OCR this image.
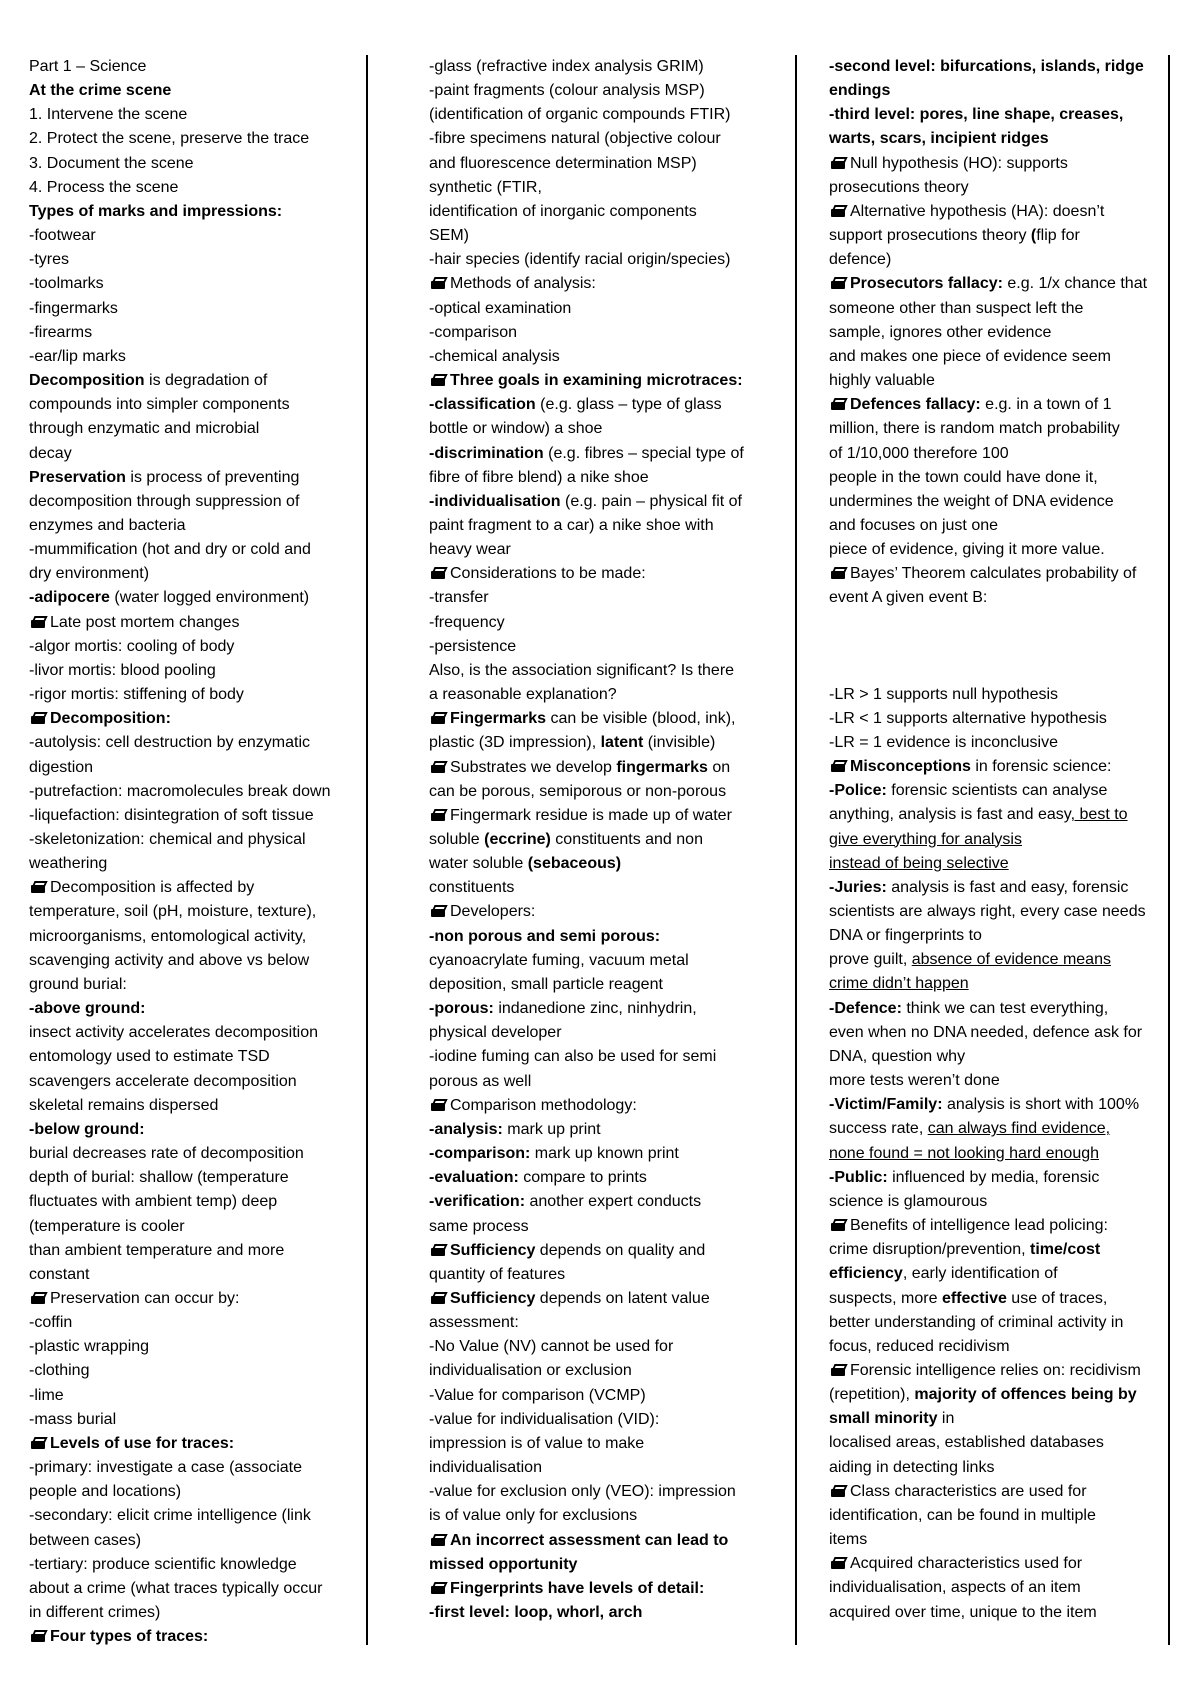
Part 1 – Science
At the crime scene
1. Intervene the scene
2. Protect the scene, preserve the trace
3. Document the scene
4. Process the scene
Types of marks and impressions:
-footwear
-tyres
-toolmarks
-fingermarks
-firearms
-ear/lip marks
Decomposition is degradation of
compounds into simpler components
through enzymatic and microbial
decay
Preservation is process of preventing
decomposition through suppression of
enzymes and bacteria
-mummification (hot and dry or cold and
dry environment)
-adipocere (water logged environment)
Late post mortem changes
-algor mortis: cooling of body
-livor mortis: blood pooling
-rigor mortis: stiffening of body
Decomposition:
-autolysis: cell destruction by enzymatic
digestion
-putrefaction: macromolecules break down
-liquefaction: disintegration of soft tissue
-skeletonization: chemical and physical
weathering
Decomposition is affected by
temperature, soil (pH, moisture, texture),
microorganisms, entomological activity,
scavenging activity and above vs below
ground burial:
-above ground:
insect activity accelerates decomposition
entomology used to estimate TSD
scavengers accelerate decomposition
skeletal remains dispersed
-below ground:
burial decreases rate of decomposition
depth of burial: shallow (temperature
fluctuates with ambient temp) deep
(temperature is cooler
than ambient temperature and more
constant
Preservation can occur by:
-coffin
-plastic wrapping
-clothing
-lime
-mass burial
Levels of use for traces:
-primary: investigate a case (associate
people and locations)
-secondary: elicit crime intelligence (link
between cases)
-tertiary: produce scientific knowledge
about a crime (what traces typically occur
in different crimes)
Four types of traces:
-glass (refractive index analysis GRIM)
-paint fragments (colour analysis MSP)
(identification of organic compounds FTIR)
-fibre specimens natural (objective colour
and fluorescence determination MSP)
synthetic (FTIR,
identification of inorganic components
SEM)
-hair species (identify racial origin/species)
Methods of analysis:
-optical examination
-comparison
-chemical analysis
Three goals in examining microtraces:
-classification (e.g. glass – type of glass
bottle or window) a shoe
-discrimination (e.g. fibres – special type of
fibre of fibre blend) a nike shoe
-individualisation (e.g. pain – physical fit of
paint fragment to a car) a nike shoe with
heavy wear
Considerations to be made:
-transfer
-frequency
-persistence
Also, is the association significant? Is there
a reasonable explanation?
Fingermarks can be visible (blood, ink),
plastic (3D impression), latent (invisible)
Substrates we develop fingermarks on
can be porous, semiporous or non-porous
Fingermark residue is made up of water
soluble (eccrine) constituents and non
water soluble (sebaceous)
constituents
Developers:
-non porous and semi porous:
cyanoacrylate fuming, vacuum metal
deposition, small particle reagent
-porous: indanedione zinc, ninhydrin,
physical developer
-iodine fuming can also be used for semi
porous as well
Comparison methodology:
-analysis: mark up print
-comparison: mark up known print
-evaluation: compare to prints
-verification: another expert conducts
same process
Sufficiency depends on quality and
quantity of features
Sufficiency depends on latent value
assessment:
-No Value (NV) cannot be used for
individualisation or exclusion
-Value for comparison (VCMP)
-value for individualisation (VID):
impression is of value to make
individualisation
-value for exclusion only (VEO): impression
is of value only for exclusions
An incorrect assessment can lead to
missed opportunity
Fingerprints have levels of detail:
-first level: loop, whorl, arch
-second level: bifurcations, islands, ridge
endings
-third level: pores, line shape, creases,
warts, scars, incipient ridges
Null hypothesis (HO): supports
prosecutions theory
Alternative hypothesis (HA): doesn’t
support prosecutions theory (flip for
defence)
Prosecutors fallacy: e.g. 1/x chance that
someone other than suspect left the
sample, ignores other evidence
and makes one piece of evidence seem
highly valuable
Defences fallacy: e.g. in a town of 1
million, there is random match probability
of 1/10,000 therefore 100
people in the town could have done it,
undermines the weight of DNA evidence
and focuses on just one
piece of evidence, giving it more value.
Bayes’ Theorem calculates probability of
event A given event B:
-LR > 1 supports null hypothesis
-LR < 1 supports alternative hypothesis
-LR = 1 evidence is inconclusive
Misconceptions in forensic science:
-Police: forensic scientists can analyse
anything, analysis is fast and easy, best to
give everything for analysis
instead of being selective
-Juries: analysis is fast and easy, forensic
scientists are always right, every case needs
DNA or fingerprints to
prove guilt, absence of evidence means
crime didn’t happen
-Defence: think we can test everything,
even when no DNA needed, defence ask for
DNA, question why
more tests weren’t done
-Victim/Family: analysis is short with 100%
success rate, can always find evidence,
none found = not looking hard enough
-Public: influenced by media, forensic
science is glamourous
Benefits of intelligence lead policing:
crime disruption/prevention, time/cost
efficiency, early identification of
suspects, more effective use of traces,
better understanding of criminal activity in
focus, reduced recidivism
Forensic intelligence relies on: recidivism
(repetition), majority of offences being by
small minority in
localised areas, established databases
aiding in detecting links
Class characteristics are used for
identification, can be found in multiple
items
Acquired characteristics used for
individualisation, aspects of an item
acquired over time, unique to the item
